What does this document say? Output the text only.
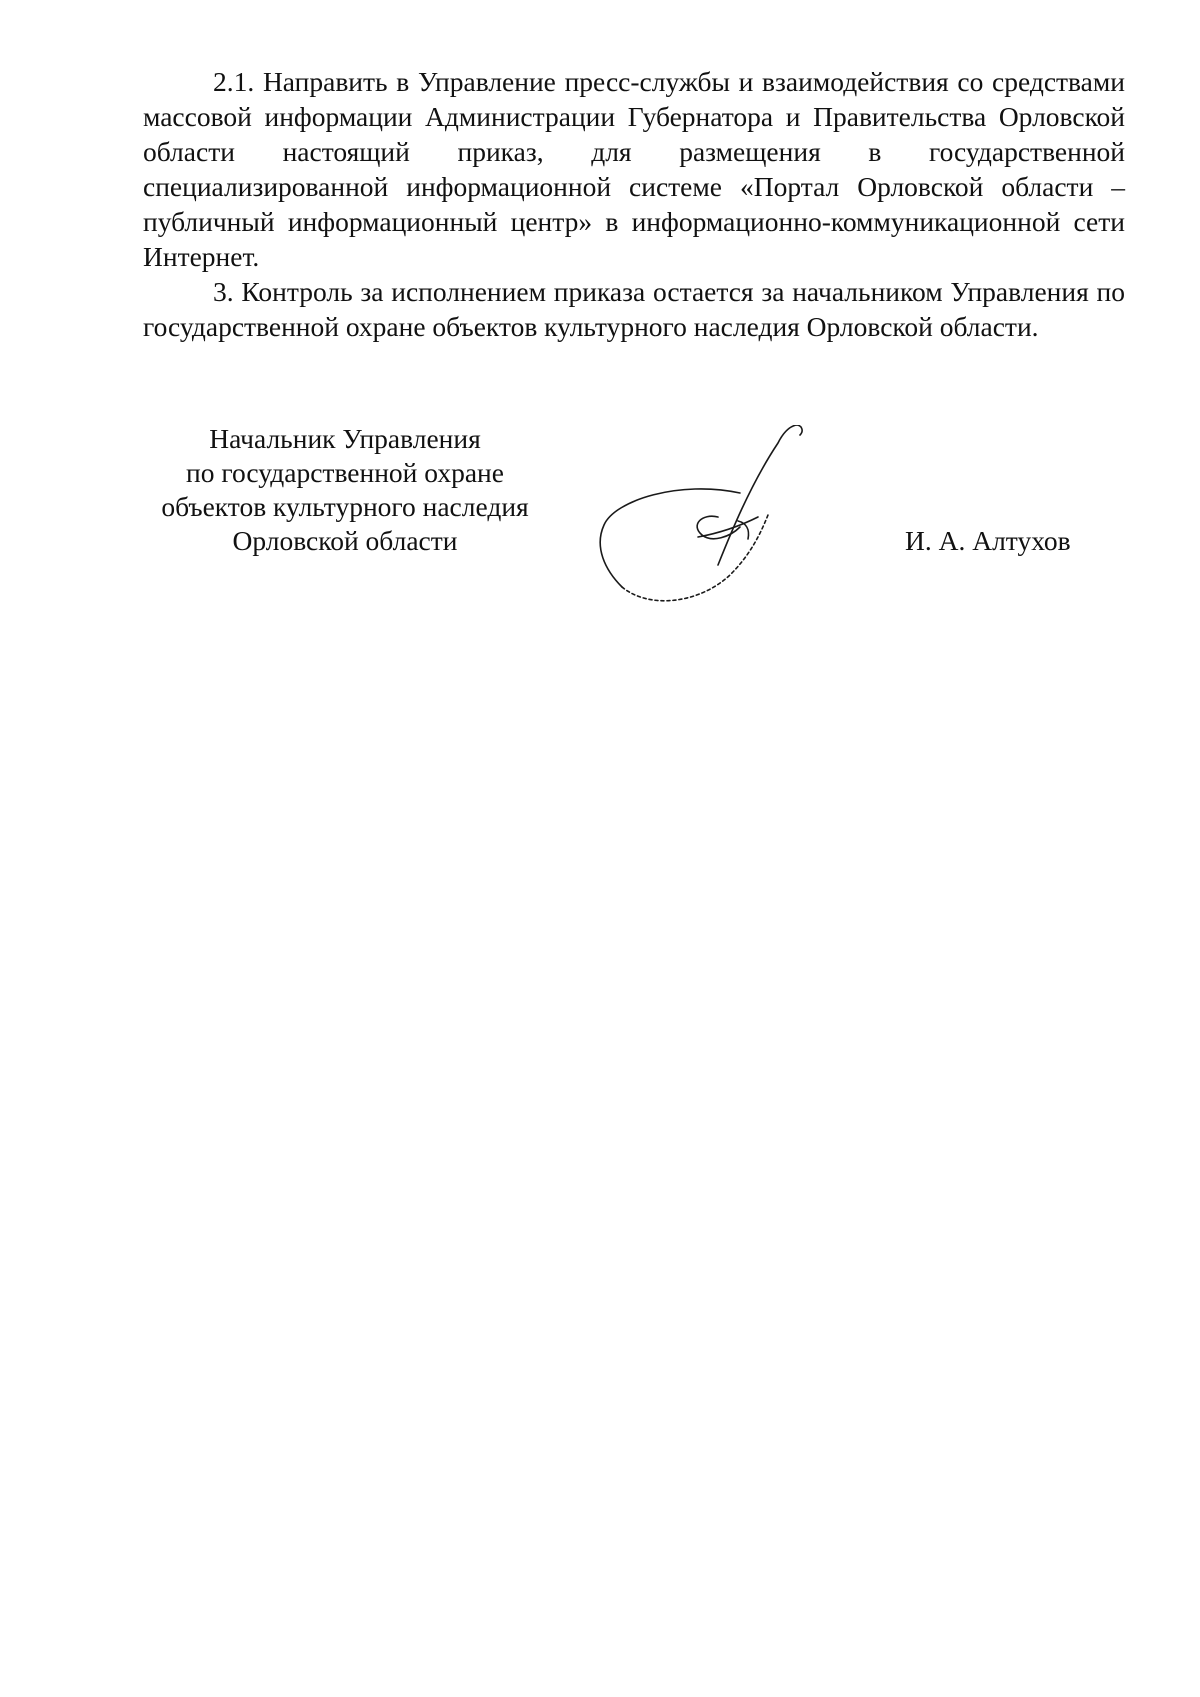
2.1. Направить в Управление пресс-службы и взаимодействия со средствами массовой информации Администрации Губернатора и Правительства Орловской области настоящий приказ, для размещения в государственной специализированной информационной системе «Портал Орловской области – публичный информационный центр» в информационно-коммуникационной сети Интернет.

3. Контроль за исполнением приказа остается за начальником Управления по государственной охране объектов культурного наследия Орловской области.

Начальник Управления
по государственной охране
объектов культурного наследия
Орловской области	И. А. Алтухов
